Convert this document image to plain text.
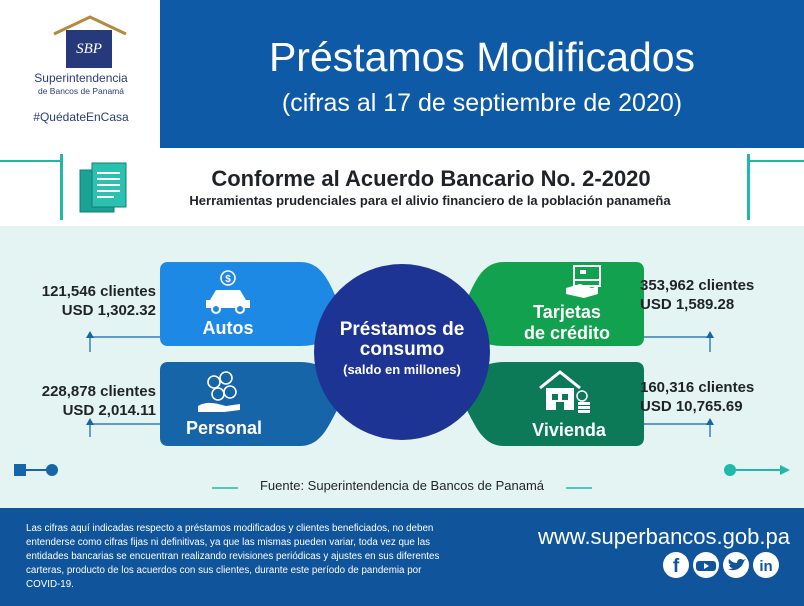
SBP
Superintendencia
de Bancos de Panamá
#QuédateEnCasa
Préstamos Modificados
(cifras al 17 de septiembre de 2020)
Conforme al Acuerdo Bancario No. 2-2020
Herramientas prudenciales para el alivio financiero de la población panameña
$
Autos
Personal
Tarjetas
de crédito
Vivienda
Préstamos de consumo
(saldo en millones)
121,546 clientes
USD 1,302.32
228,878 clientes
USD 2,014.11
353,962 clientes
USD 1,589.28
160,316 clientes
USD 10,765.69
Fuente: Superintendencia de Bancos de Panamá
Las cifras aquí indicadas respecto a préstamos modificados y clientes beneficiados, no deben entenderse como cifras fijas ni definitivas, ya que las mismas pueden variar, toda vez que las entidades bancarias se encuentran realizando revisiones periódicas y ajustes en sus diferentes carteras, producto de los acuerdos con sus clientes, durante este período de pandemia por COVID-19.
www.superbancos.gob.pa
f	in
